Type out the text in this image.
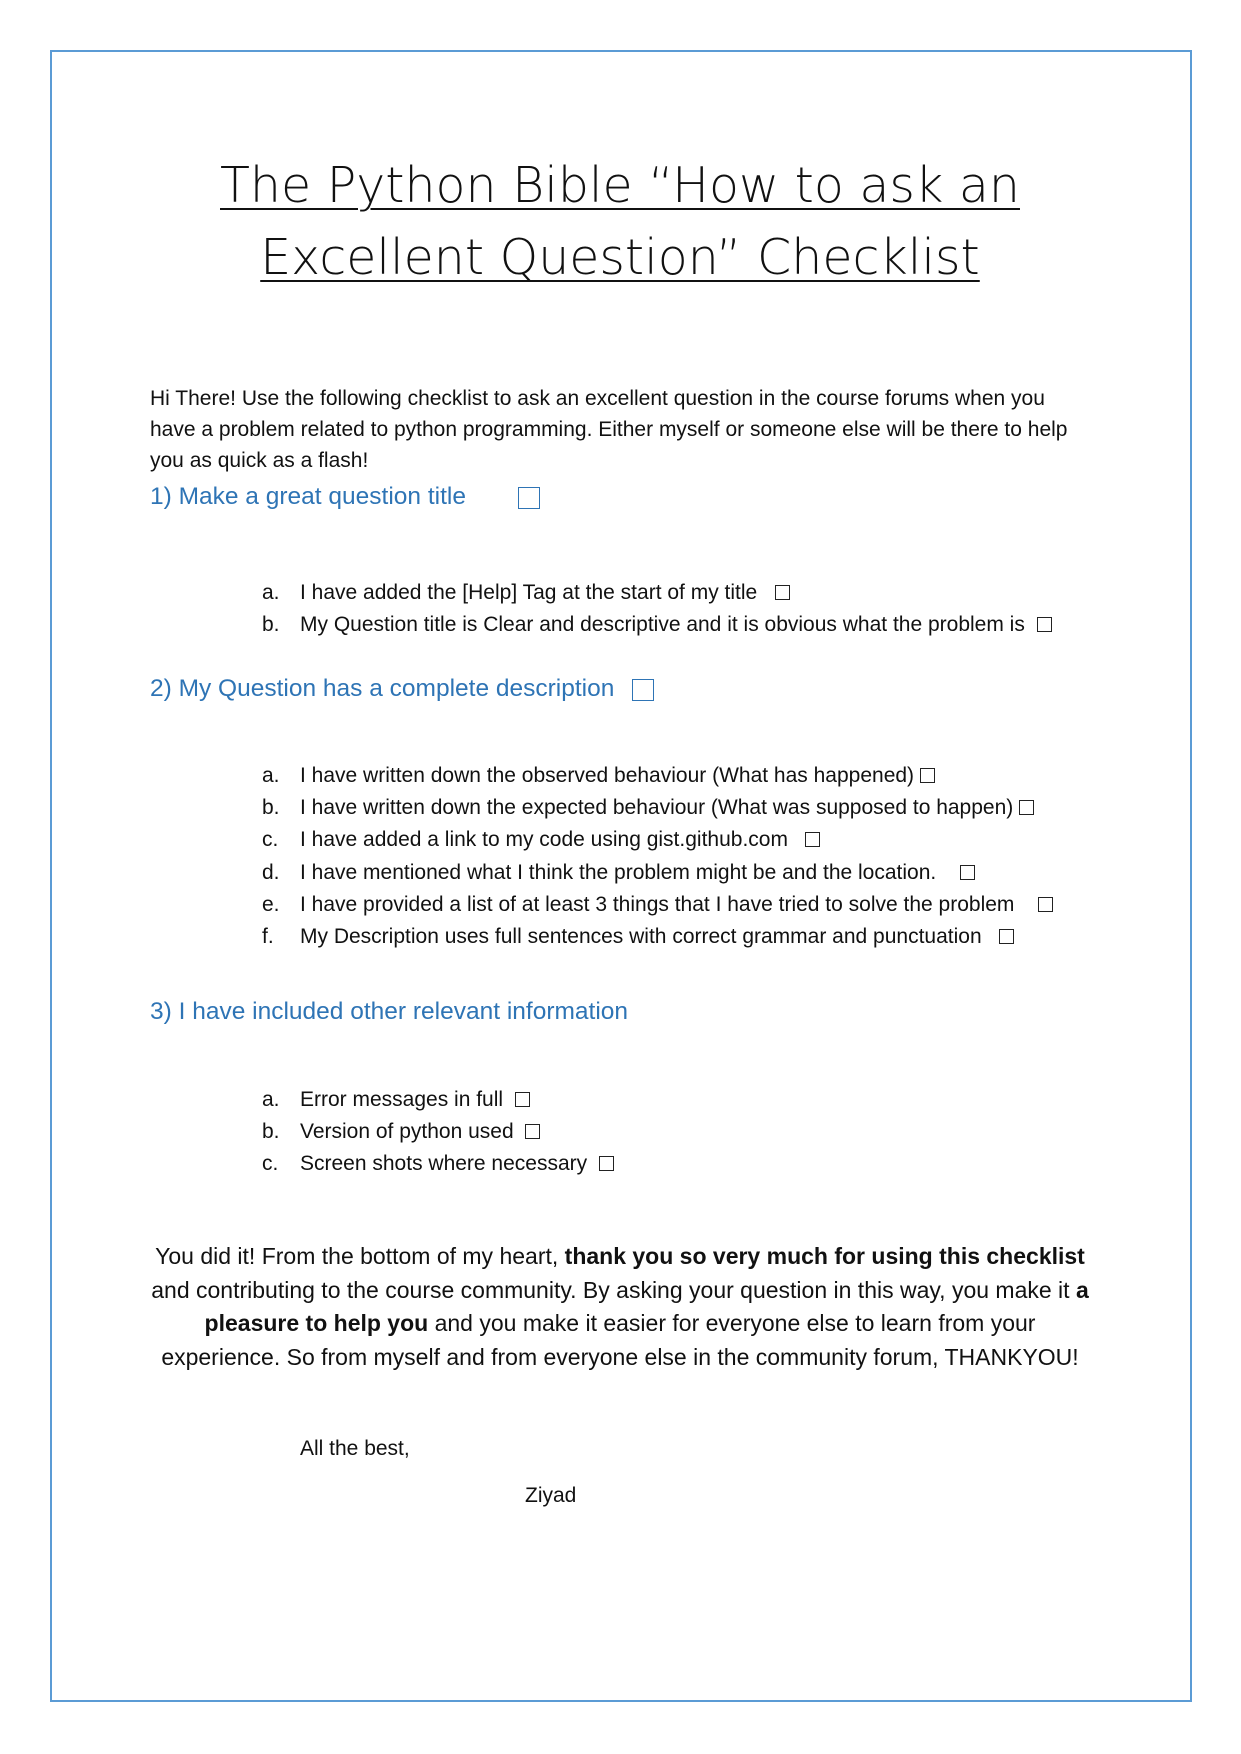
The Python Bible “How to ask an
Excellent Question” Checklist

Hi There! Use the following checklist to ask an excellent question in the course forums when you have a problem related to python programming. Either myself or someone else will be there to help you as quick as a flash!

1) Make a great question title
a. I have added the [Help] Tag at the start of my title
b. My Question title is Clear and descriptive and it is obvious what the problem is
2) My Question has a complete description
a. I have written down the observed behaviour (What has happened)
b. I have written down the expected behaviour (What was supposed to happen)
c. I have added a link to my code using gist.github.com
d. I have mentioned what I think the problem might be and the location.
e. I have provided a list of at least 3 things that I have tried to solve the problem
f. My Description uses full sentences with correct grammar and punctuation
3) I have included other relevant information
a. Error messages in full
b. Version of python used
c. Screen shots where necessary

You did it! From the bottom of my heart, thank you so very much for using this checklist and contributing to the course community. By asking your question in this way, you make it a pleasure to help you and you make it easier for everyone else to learn from your experience. So from myself and from everyone else in the community forum, THANKYOU!

All the best,
Ziyad
